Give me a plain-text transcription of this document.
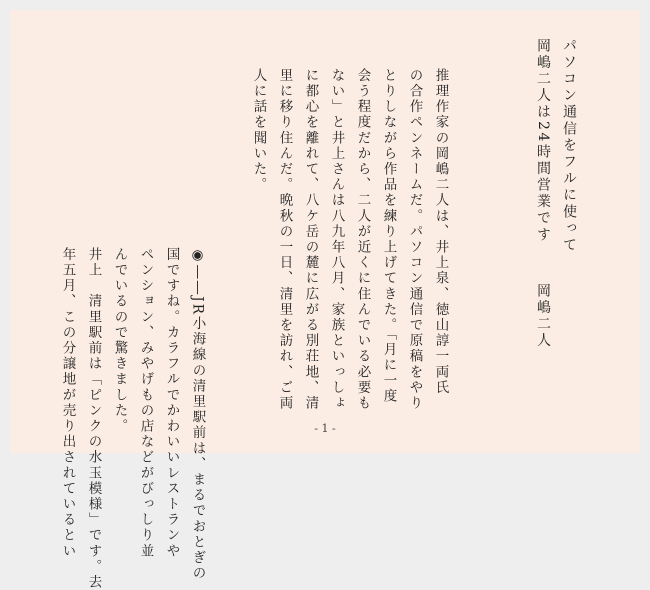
パソコン通信をフルに使って
岡嶋二人は24時間営業です
岡嶋二人
推理作家の岡嶋二人は、井上泉、徳山諄一両氏
の合作ペンネームだ。パソコン通信で原稿をやり
とりしながら作品を練り上げてきた。「月に一度
会う程度だから、二人が近くに住んでいる必要も
ない」と井上さんは八九年八月、家族といっしょ
に都心を離れて、八ケ岳の麓に広がる別荘地、清
里に移り住んだ。晩秋の一日、清里を訪れ、ご両
人に話を聞いた。
◉――JR小海線の清里駅前は、まるでおとぎの
国ですね。カラフルでかわいいレストランや
ペンション、みやげもの店などがびっしり並
んでいるので驚きました。
井上　清里駅前は「ピンクの水玉模様」です。去
年五月、この分譲地が売り出されているとい	- 1 -
